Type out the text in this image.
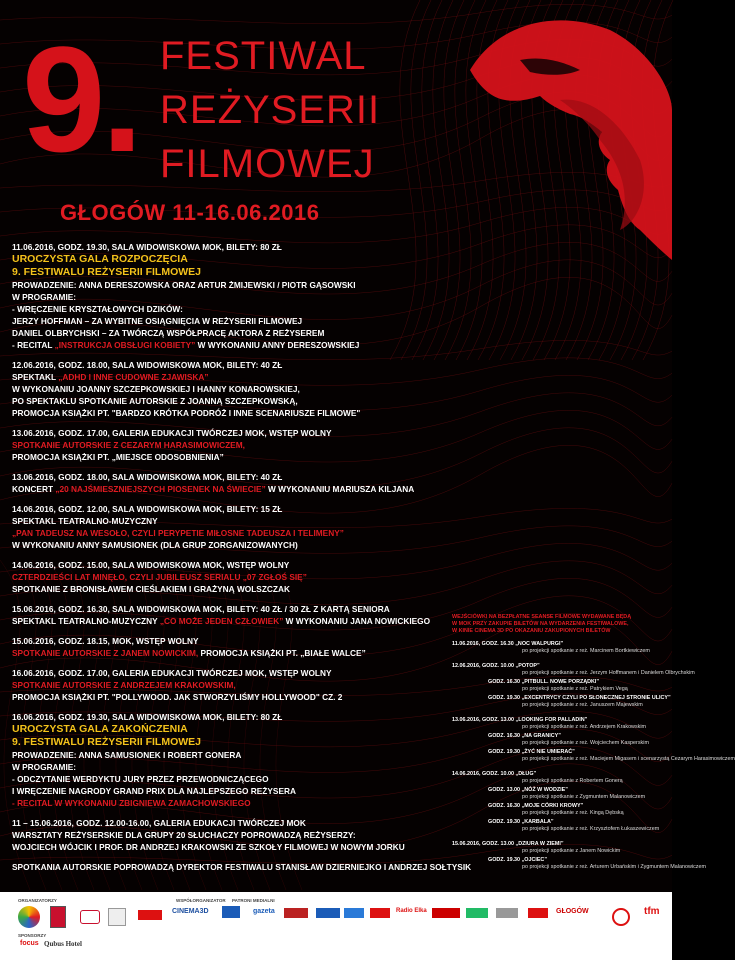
9. FESTIWAL
REŻYSERII
FILMOWEJ
GŁOGÓW 11-16.06.2016
11.06.2016, GODZ. 19.30, SALA WIDOWISKOWA MOK, BILETY: 80 ZŁ
UROCZYSTA GALA ROZPOCZĘCIA
9. FESTIWALU REŻYSERII FILMOWEJ
PROWADZENIE: ANNA DERESZOWSKA ORAZ ARTUR ŻMIJEWSKI / PIOTR GĄSOWSKI
W PROGRAMIE:
- WRĘCZENIE KRYSZTAŁOWYCH DZIKÓW:
JERZY HOFFMAN – ZA WYBITNE OSIĄGNIĘCIA W REŻYSERII FILMOWEJ
DANIEL OLBRYCHSKI – ZA TWÓRCZĄ WSPÓŁPRACĘ AKTORA Z REŻYSEREM
- RECITAL „INSTRUKCJA OBSŁUGI KOBIETY” W WYKONANIU ANNY DERESZOWSKIEJ
12.06.2016, GODZ. 18.00, SALA WIDOWISKOWA MOK, BILETY: 40 ZŁ
SPEKTAKL „ADHD I INNE CUDOWNE ZJAWISKA”
W WYKONANIU JOANNY SZCZEPKOWSKIEJ I HANNY KONAROWSKIEJ,
PO SPEKTAKLU SPOTKANIE AUTORSKIE Z JOANNĄ SZCZEPKOWSKĄ,
PROMOCJA KSIĄŻKI PT. "BARDZO KRÓTKA PODRÓŻ I INNE SCENARIUSZE FILMOWE"
13.06.2016, GODZ. 17.00, GALERIA EDUKACJI TWÓRCZEJ MOK, WSTĘP WOLNY
SPOTKANIE AUTORSKIE Z CEZARYM HARASIMOWICZEM,
PROMOCJA KSIĄŻKI PT. „MIEJSCE ODOSOBNIENIA”
13.06.2016, GODZ. 18.00, SALA WIDOWISKOWA MOK, BILETY: 40 ZŁ
KONCERT „20 NAJŚMIESZNIEJSZYCH PIOSENEK NA ŚWIECIE” W WYKONANIU MARIUSZA KILJANA
14.06.2016, GODZ. 12.00, SALA WIDOWISKOWA MOK, BILETY: 15 ZŁ
SPEKTAKL TEATRALNO-MUZYCZNY
„PAN TADEUSZ NA WESOŁO, CZYLI PERYPETIE MIŁOSNE TADEUSZA I TELIMENY”
W WYKONANIU ANNY SAMUSIONEK (DLA GRUP ZORGANIZOWANYCH)
14.06.2016, GODZ. 15.00, SALA WIDOWISKOWA MOK, WSTĘP WOLNY
CZTERDZIEŚCI LAT MINĘŁO, CZYLI JUBILEUSZ SERIALU „07 ZGŁOŚ SIĘ”
SPOTKANIE Z BRONISŁAWEM CIEŚLAKIEM I GRAŻYNĄ WOLSZCZAK
15.06.2016, GODZ. 16.30, SALA WIDOWISKOWA MOK, BILETY: 40 ZŁ / 30 ZŁ Z KARTĄ SENIORA
SPEKTAKL TEATRALNO-MUZYCZNY „CO MOŻE JEDEN CZŁOWIEK” W WYKONANIU JANA NOWICKIEGO
15.06.2016, GODZ. 18.15, MOK, WSTĘP WOLNY
SPOTKANIE AUTORSKIE Z JANEM NOWICKIM, PROMOCJA KSIĄŻKI PT. „BIAŁE WALCE”
16.06.2016, GODZ. 17.00, GALERIA EDUKACJI TWÓRCZEJ MOK, WSTĘP WOLNY
SPOTKANIE AUTORSKIE Z ANDRZEJEM KRAKOWSKIM,
PROMOCJA KSIĄŻKI PT. "POLLYWOOD. JAK STWORZYLIŚMY HOLLYWOOD" CZ. 2
16.06.2016, GODZ. 19.30, SALA WIDOWISKOWA MOK, BILETY: 80 ZŁ
UROCZYSTA GALA ZAKOŃCZENIA
9. FESTIWALU REŻYSERII FILMOWEJ
PROWADZENIE: ANNA SAMUSIONEK I ROBERT GONERA
W PROGRAMIE:
- ODCZYTANIE WERDYKTU JURY PRZEZ PRZEWODNICZĄCEGO
I WRĘCZENIE NAGRODY GRAND PRIX DLA NAJLEPSZEGO REŻYSERA
- RECITAL W WYKONANIU ZBIGNIEWA ZAMACHOWSKIEGO
11 – 15.06.2016, GODZ. 12.00-16.00, GALERIA EDUKACJI TWÓRCZEJ MOK
WARSZTATY REŻYSERSKIE DLA GRUPY 20 SŁUCHACZY POPROWADZĄ REŻYSERZY:
WOJCIECH WÓJCIK I PROF. DR ANDRZEJ KRAKOWSKI ZE SZKOŁY FILMOWEJ W NOWYM JORKU
SPOTKANIA AUTORSKIE POPROWADZĄ DYREKTOR FESTIWALU STANISŁAW DZIERNIEJKO I ANDRZEJ SOŁTYSIK
WEJŚCIÓWKI NA BEZPŁATNE SEANSE FILMOWE WYDAWANE BĘDĄ
W MOK PRZY ZAKUPIE BILETÓW NA WYDARZENIA FESTIWALOWE,
W KINIE CINEMA 3D PO OKAZANIU ZAKUPIONYCH BILETÓW
11.06.2016, GODZ. 16.30 „NOC WALPURGI”
po projekcji spotkanie z reż. Marcinem Bortkiewiczem
12.06.2016, GODZ. 10.00 „POTOP”
po projekcji spotkanie z reż. Jerzym Hoffmanem i Danielem Olbrychskim
GODZ. 16.30 „PITBULL. NOWE PORZĄDKI”
po projekcji spotkanie z reż. Patrykiem Vegą
GODZ. 19.30 „EXCENTRYCY CZYLI PO SŁONECZNEJ STRONIE ULICY”
po projekcji spotkanie z reż. Januszem Majewskim
13.06.2016, GODZ. 13.00 „LOOKING FOR PALLADIN”
po projekcji spotkanie z reż. Andrzejem Krakowskim
GODZ. 16.30 „NA GRANICY”
po projekcji spotkanie z reż. Wojciechem Kasperskim
GODZ. 19.30 „ŻYĆ NIE UMIERAĆ”
po projekcji spotkanie z reż. Maciejem Migasem i scenarzystą Cezarym Harasimowiczem
14.06.2016, GODZ. 10.00 „DŁUG”
po projekcji spotkanie z Robertem Gonerą
GODZ. 13.00 „NÓŻ W WODZIE”
po projekcji spotkanie z Zygmuntem Malanowiczem
GODZ. 16.30 „MOJE CÓRKI KROWY”
po projekcji spotkanie z reż. Kingą Dębską
GODZ. 19.30 „KARBALA”
po projekcji spotkanie z reż. Krzysztofem Łukaszewiczem
15.06.2016, GODZ. 13.00 „DZIURA W ZIEMI”
po projekcji spotkanie z Janem Nowickim
GODZ. 19.30 „OJCIEC”
po projekcji spotkanie z reż. Arturem Urbańskim i Zygmuntem Malanowiczem
ORGANIZATORZY	WSPÓŁORGANIZATOR PATRONI MEDIALNI
SPONSORZY
CINEMA3D	gazeta	Radio Elka	GŁOGÓW	tfm
focus Qubus Hotel
